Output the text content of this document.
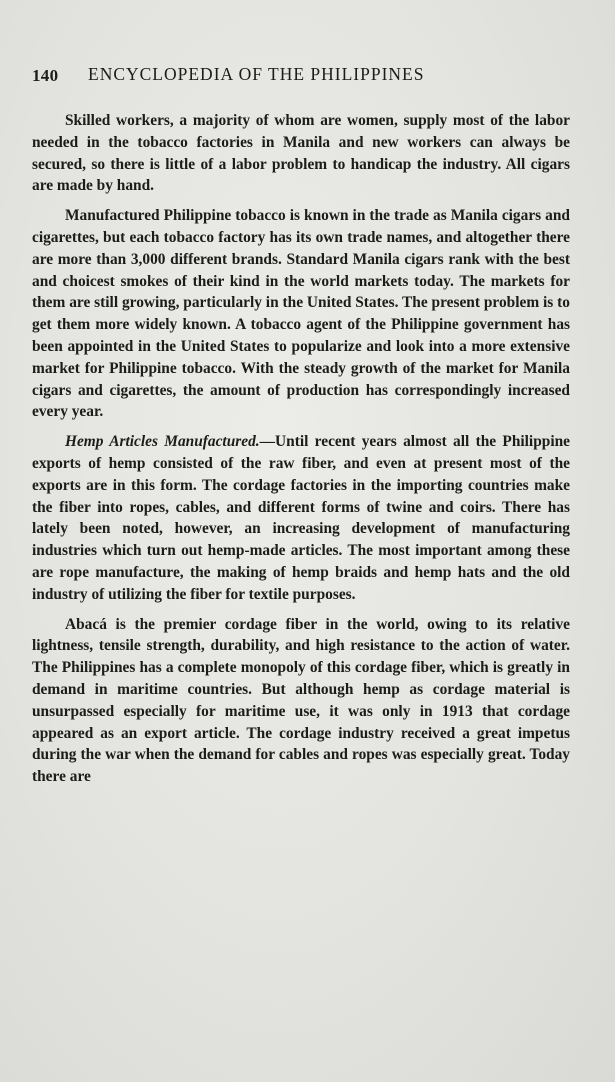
140 ENCYCLOPEDIA OF THE PHILIPPINES

Skilled workers, a majority of whom are women, supply most of the labor needed in the tobacco factories in Manila and new workers can always be secured, so there is little of a labor problem to handicap the industry. All cigars are made by hand.

Manufactured Philippine tobacco is known in the trade as Manila cigars and cigarettes, but each tobacco factory has its own trade names, and altogether there are more than 3,000 different brands. Standard Manila cigars rank with the best and choicest smokes of their kind in the world markets today. The markets for them are still growing, particularly in the United States. The present problem is to get them more widely known. A tobacco agent of the Philippine government has been appointed in the United States to popularize and look into a more extensive market for Philippine tobacco. With the steady growth of the market for Manila cigars and cigarettes, the amount of production has correspondingly increased every year.

Hemp Articles Manufactured.—Until recent years almost all the Philippine exports of hemp consisted of the raw fiber, and even at present most of the exports are in this form. The cordage factories in the importing countries make the fiber into ropes, cables, and different forms of twine and coirs. There has lately been noted, however, an increasing development of manufacturing industries which turn out hemp-made articles. The most important among these are rope manufacture, the making of hemp braids and hemp hats and the old industry of utilizing the fiber for textile purposes.

Abacá is the premier cordage fiber in the world, owing to its relative lightness, tensile strength, durability, and high resistance to the action of water. The Philippines has a complete monopoly of this cordage fiber, which is greatly in demand in maritime countries. But although hemp as cordage material is unsurpassed especially for maritime use, it was only in 1913 that cordage appeared as an export article. The cordage industry received a great impetus during the war when the demand for cables and ropes was especially great. Today there are
